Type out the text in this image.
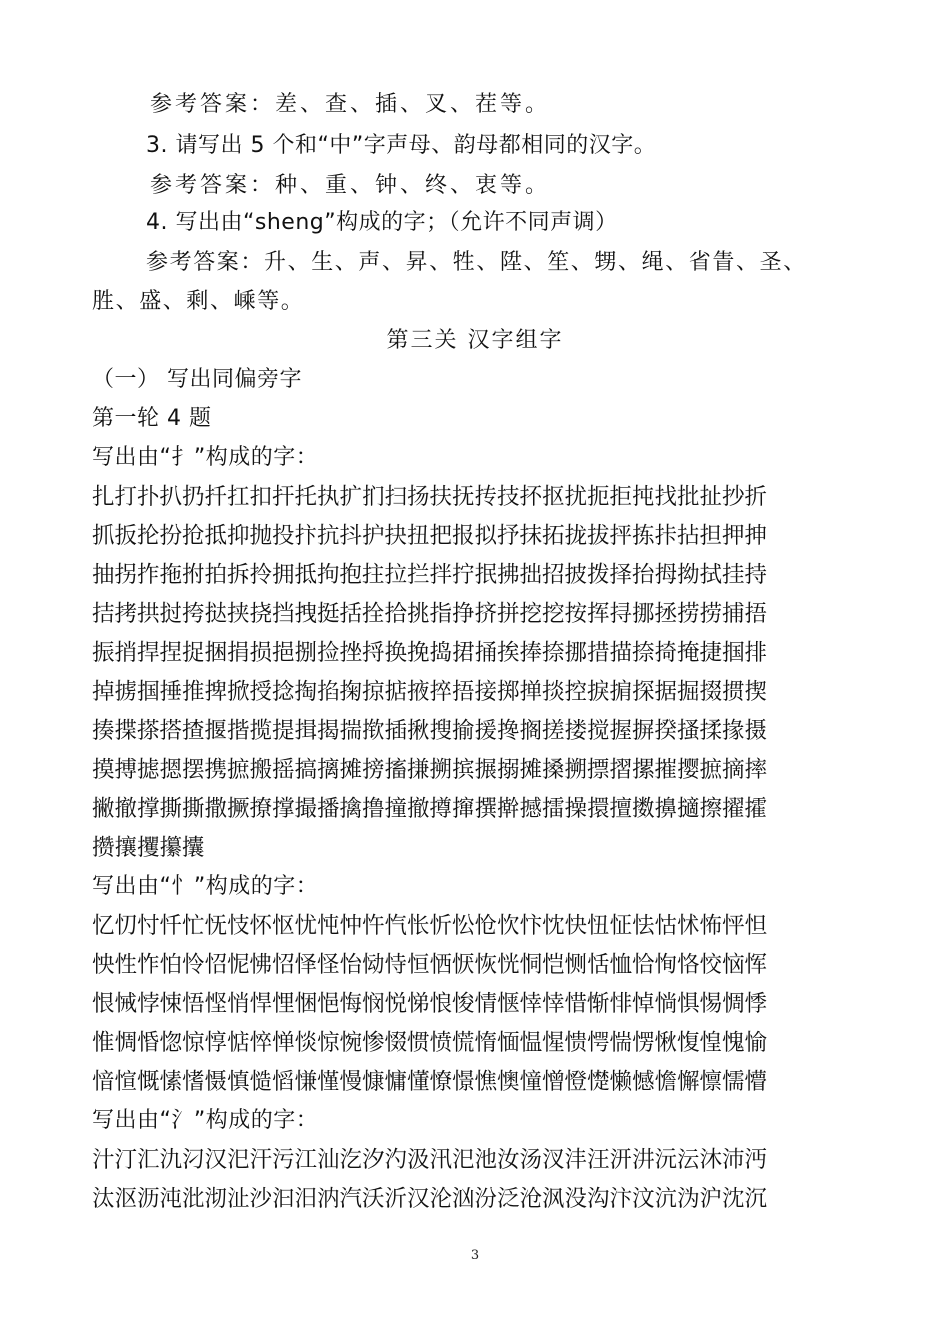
参考答案：差、查、插、叉、茬等。
3. 请写出 5 个和“中”字声母、韵母都相同的汉字。
参考答案：种、重、钟、终、衷等。
4. 写出由“sheng”构成的字；（允许不同声调）
参考答案：升、生、声、昇、牲、陞、笙、甥、绳、省眚、圣、
胜、盛、剩、嵊等。
第三关 汉字组字
（一） 写出同偏旁字
第一轮 4 题
写出由“扌”构成的字：
扎打扑扒扔扦扛扣扞托执扩扪扫扬扶抚抟技抔抠扰扼拒扽找批扯抄折
抓扳抡扮抢抵抑抛投抃抗抖护抉扭把报拟抒抹拓拢拔抨拣拤拈担押抻
抽拐拃拖拊拍拆拎拥抵拘抱拄拉拦拌拧抿拂拙招披拨择抬拇拗拭挂持
拮拷拱挝挎挞挟挠挡拽挺括拴拾挑指挣挤拼挖挖按挥挦挪拯捞捞捕捂
振捎捍捏捉捆捐损挹捌捡挫捋换挽捣捃捅挨捧捺挪措描捺掎掩捷掴排
掉掳掴捶推捭掀授捻掏掐掬掠掂掖捽捂接掷掸掞控捩掮探据掘掇掼揳
揍揲搽搭揸揠揩揽提揖揭揣揿插揪搜揄援搀搁搓搂搅握摒揆搔揉掾摄
摸搏摅摁摆携摭搬摇搞摛摊搒搐搛搠摈搌搦摊搡搠摽摺摞摧撄摭摘摔
撇撤撑撕撕撒撅撩撑撮播擒撸撞撤撙撺撰擀撼擂操擐擅擞擤擿擦擢攉
攒攘攫攥攮
写出由“忄”构成的字：
忆忉忖忏忙怃忮怀怄忧忳忡忤忾怅忻忪怆忺忭忱快忸怔怯怙怵怖怦怛
怏性怍怕怜怊怩怫怊怿怪怡恸恃恒恓恹恢恍恫恺恻恬恤恰恂恪恔恼恽
恨悈悖悚悟悭悄悍悝悃悒悔悯悦悌悢悛情惬悻悻惜惭悱悼惝惧惕惆悸
惟惆惛惚惊惇惦悴惮惔惊惋惨惙惯愤慌惰愐愠惺愦愕惴愣愀愎惶愧愉
愔愃慨愫愭慑慎慥慆慊慬慢慷慵懂憭憬憔懊憧憎憕憷懒憾憺懈懔懦懵
写出由“氵”构成的字：
汁汀汇氿汈汉汜汗污江汕汔汐汋汲汛汜池汝汤汊沣汪汧汫沅沄沐沛沔
汰沤沥沌沘沏沚沙汩汨汭汽沃沂汉沦汹汾泛沧沨没沟汴汶沆沩沪沈沉
3
